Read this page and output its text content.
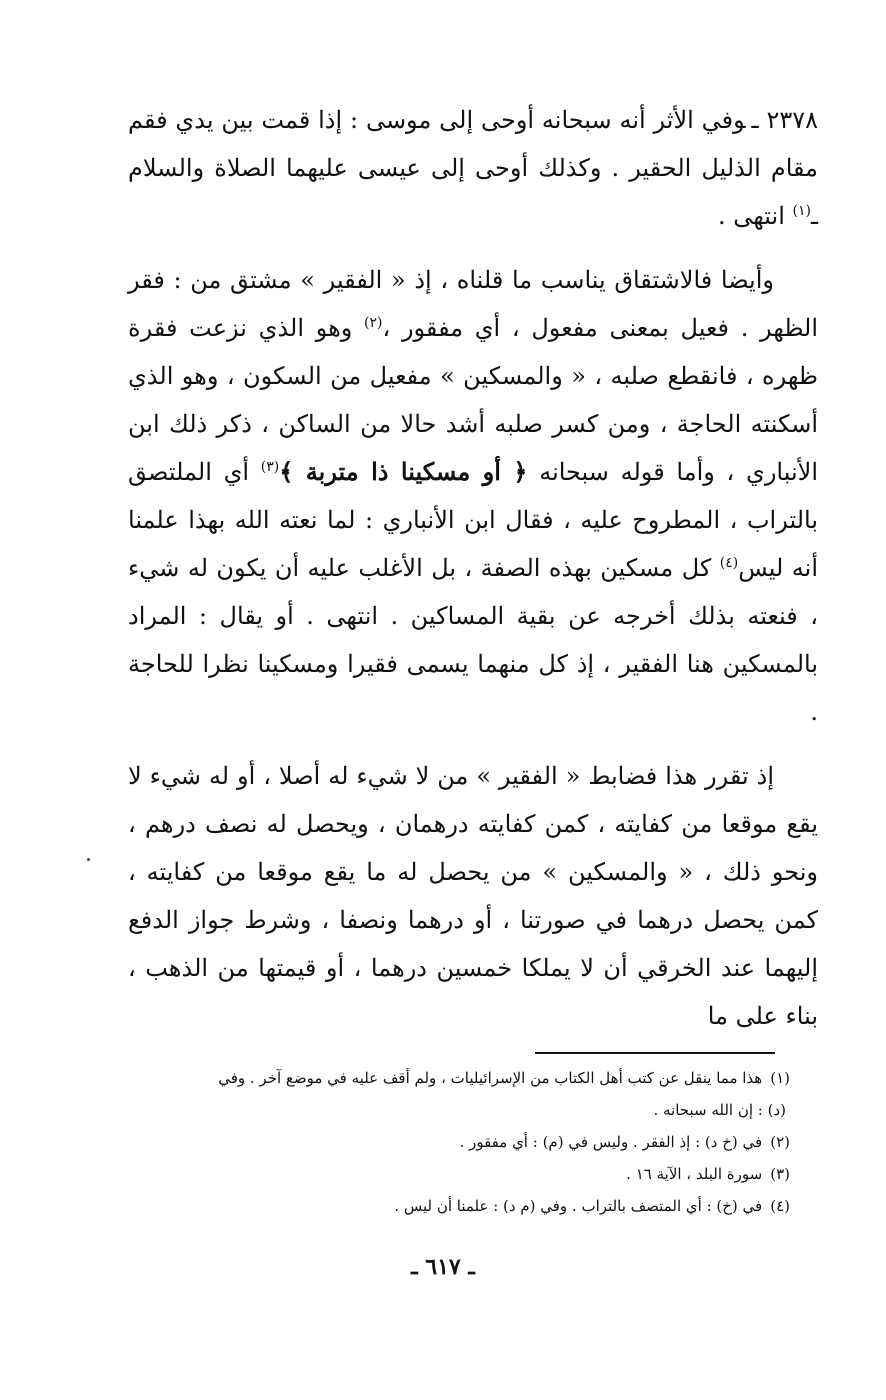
٢٣٧٨ ـوفي الأثر أنه سبحانه أوحى إلى موسى : إذا قمت بين يدي فقم مقام الذليل الحقير . وكذلك أوحى إلى عيسى عليهما الصلاة والسلام ـ$^{(١)}$ انتهى .

وأيضا فالاشتقاق يناسب ما قلناه ، إذ « الفقير » مشتق من : فقر الظهر . فعيل بمعنى مفعول ، أي مفقور ،$^{(٢)}$ وهو الذي نزعت فقرة ظهره ، فانقطع صلبه ، « والمسكين » مفعيل من السكون ، وهو الذي أسكنته الحاجة ، ومن كسر صلبه أشد حالا من الساكن ، ذكر ذلك ابن الأنباري ، وأما قوله سبحانه ﴿ أو مسكينا ذا متربة ﴾$^{(٣)}$ أي الملتصق بالتراب ، المطروح عليه ، فقال ابن الأنباري : لما نعته الله بهذا علمنا أنه ليس$^{(٤)}$ كل مسكين بهذه الصفة ، بل الأغلب عليه أن يكون له شيء ، فنعته بذلك أخرجه عن بقية المساكين . انتهى . أو يقال : المراد بالمسكين هنا الفقير ، إذ كل منهما يسمى فقيرا ومسكينا نظرا للحاجة .

إذ تقرر هذا فضابط « الفقير » من لا شيء له أصلا ، أو له شيء لا يقع موقعا من كفايته ، كمن كفايته درهمان ، ويحصل له نصف درهم ، ونحو ذلك ، « والمسكين » من يحصل له ما يقع موقعا من كفايته ، كمن يحصل درهما في صورتنا ، أو درهما ونصفا ، وشرط جواز الدفع إليهما عند الخرقي أن لا يملكا خمسين درهما ، أو قيمتها من الذهب ، بناء على ما

(١)هذا مما ينقل عن كتب أهل الكتاب من الإسرائيليات ، ولم أقف عليه في موضع آخر . وفي

(د) : إن الله سبحانه .

(٢)في (خ د) : إذ الفقر . وليس في (م) : أي مفقور .

(٣)سورة البلد ، الآية ١٦ .

(٤)في (خ) : أي المتصف بالتراب . وفي (م د) : علمنا أن ليس .

ـ ٦١٧ ـ
